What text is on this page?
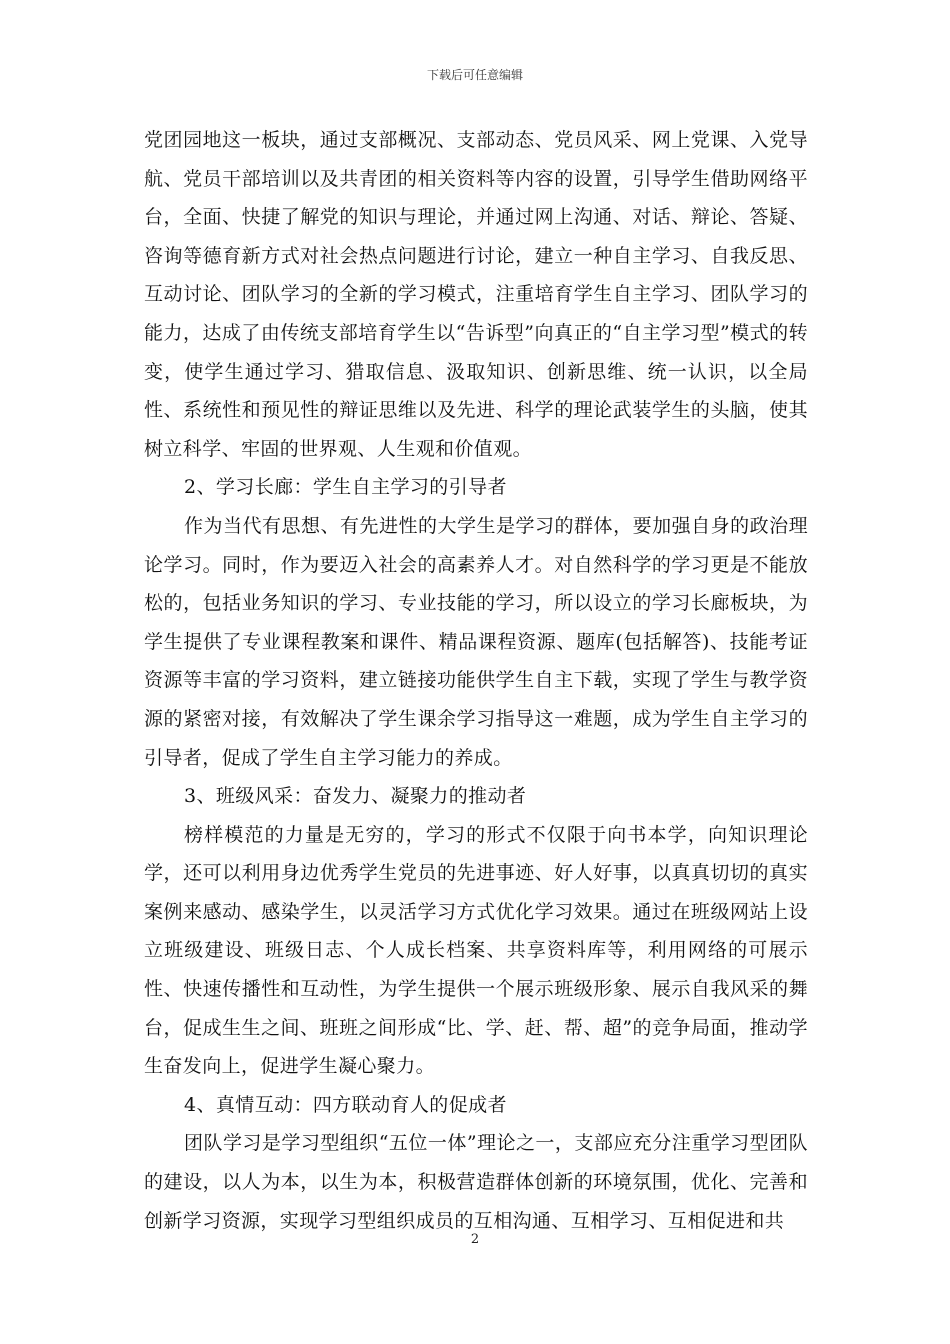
下载后可任意编辑

党团园地这一板块，通过支部概况、支部动态、党员风采、网上党课、入党导航、党员干部培训以及共青团的相关资料等内容的设置，引导学生借助网络平台，全面、快捷了解党的知识与理论，并通过网上沟通、对话、辩论、答疑、咨询等德育新方式对社会热点问题进行讨论，建立一种自主学习、自我反思、互动讨论、团队学习的全新的学习模式，注重培育学生自主学习、团队学习的能力，达成了由传统支部培育学生以“告诉型”向真正的“自主学习型”模式的转变，使学生通过学习、猎取信息、汲取知识、创新思维、统一认识，以全局性、系统性和预见性的辩证思维以及先进、科学的理论武装学生的头脑，使其树立科学、牢固的世界观、人生观和价值观。

2、学习长廊：学生自主学习的引导者

作为当代有思想、有先进性的大学生是学习的群体，要加强自身的政治理论学习。同时，作为要迈入社会的高素养人才。对自然科学的学习更是不能放松的，包括业务知识的学习、专业技能的学习，所以设立的学习长廊板块，为学生提供了专业课程教案和课件、精品课程资源、题库(包括解答)、技能考证资源等丰富的学习资料，建立链接功能供学生自主下载，实现了学生与教学资源的紧密对接，有效解决了学生课余学习指导这一难题，成为学生自主学习的引导者，促成了学生自主学习能力的养成。

3、班级风采：奋发力、凝聚力的推动者

榜样模范的力量是无穷的，学习的形式不仅限于向书本学，向知识理论学，还可以利用身边优秀学生党员的先进事迹、好人好事，以真真切切的真实案例来感动、感染学生，以灵活学习方式优化学习效果。通过在班级网站上设立班级建设、班级日志、个人成长档案、共享资料库等，利用网络的可展示性、快速传播性和互动性，为学生提供一个展示班级形象、展示自我风采的舞台，促成生生之间、班班之间形成“比、学、赶、帮、超”的竞争局面，推动学生奋发向上，促进学生凝心聚力。

4、真情互动：四方联动育人的促成者

团队学习是学习型组织“五位一体”理论之一，支部应充分注重学习型团队的建设，以人为本，以生为本，积极营造群体创新的环境氛围，优化、完善和创新学习资源，实现学习型组织成员的互相沟通、互相学习、互相促进和共

2
